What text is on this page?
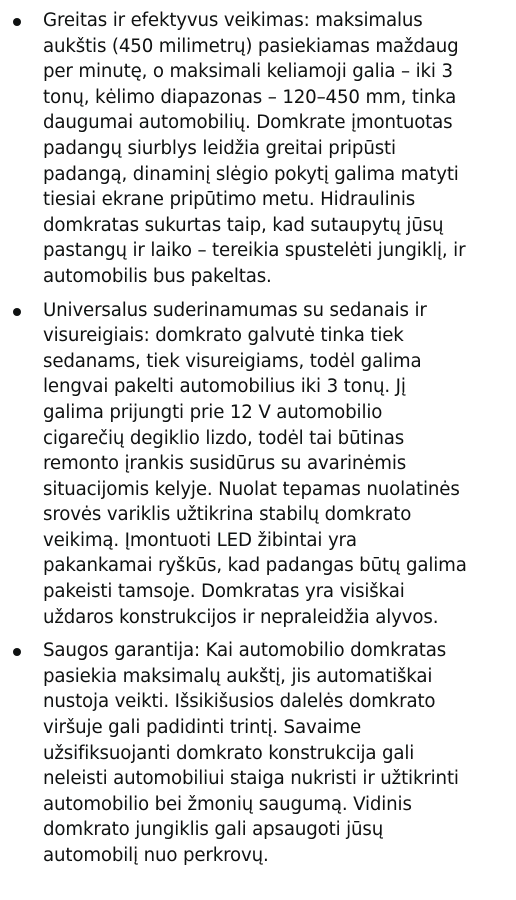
Greitas ir efektyvus veikimas: maksimalus
aukštis (450 milimetrų) pasiekiamas maždaug
per minutę, o maksimali keliamoji galia – iki 3
tonų, kėlimo diapazonas – 120–450 mm, tinka
daugumai automobilių. Domkrate įmontuotas
padangų siurblys leidžia greitai pripūsti
padangą, dinaminį slėgio pokytį galima matyti
tiesiai ekrane pripūtimo metu. Hidraulinis
domkratas sukurtas taip, kad sutaupytų jūsų
pastangų ir laiko – tereikia spustelėti jungiklį, ir
automobilis bus pakeltas.

Universalus suderinamumas su sedanais ir
visureigiais: domkrato galvutė tinka tiek
sedanams, tiek visureigiams, todėl galima
lengvai pakelti automobilius iki 3 tonų. Jį
galima prijungti prie 12 V automobilio
cigarečių degiklio lizdo, todėl tai būtinas
remonto įrankis susidūrus su avarinėmis
situacijomis kelyje. Nuolat tepamas nuolatinės
srovės variklis užtikrina stabilų domkrato
veikimą. Įmontuoti LED žibintai yra
pakankamai ryškūs, kad padangas būtų galima
pakeisti tamsoje. Domkratas yra visiškai
uždaros konstrukcijos ir nepraleidžia alyvos.

Saugos garantija: Kai automobilio domkratas
pasiekia maksimalų aukštį, jis automatiškai
nustoja veikti. Išsikišusios dalelės domkrato
viršuje gali padidinti trintį. Savaime
užsifiksuojanti domkrato konstrukcija gali
neleisti automobiliui staiga nukristi ir užtikrinti
automobilio bei žmonių saugumą. Vidinis
domkrato jungiklis gali apsaugoti jūsų
automobilį nuo perkrovų.
